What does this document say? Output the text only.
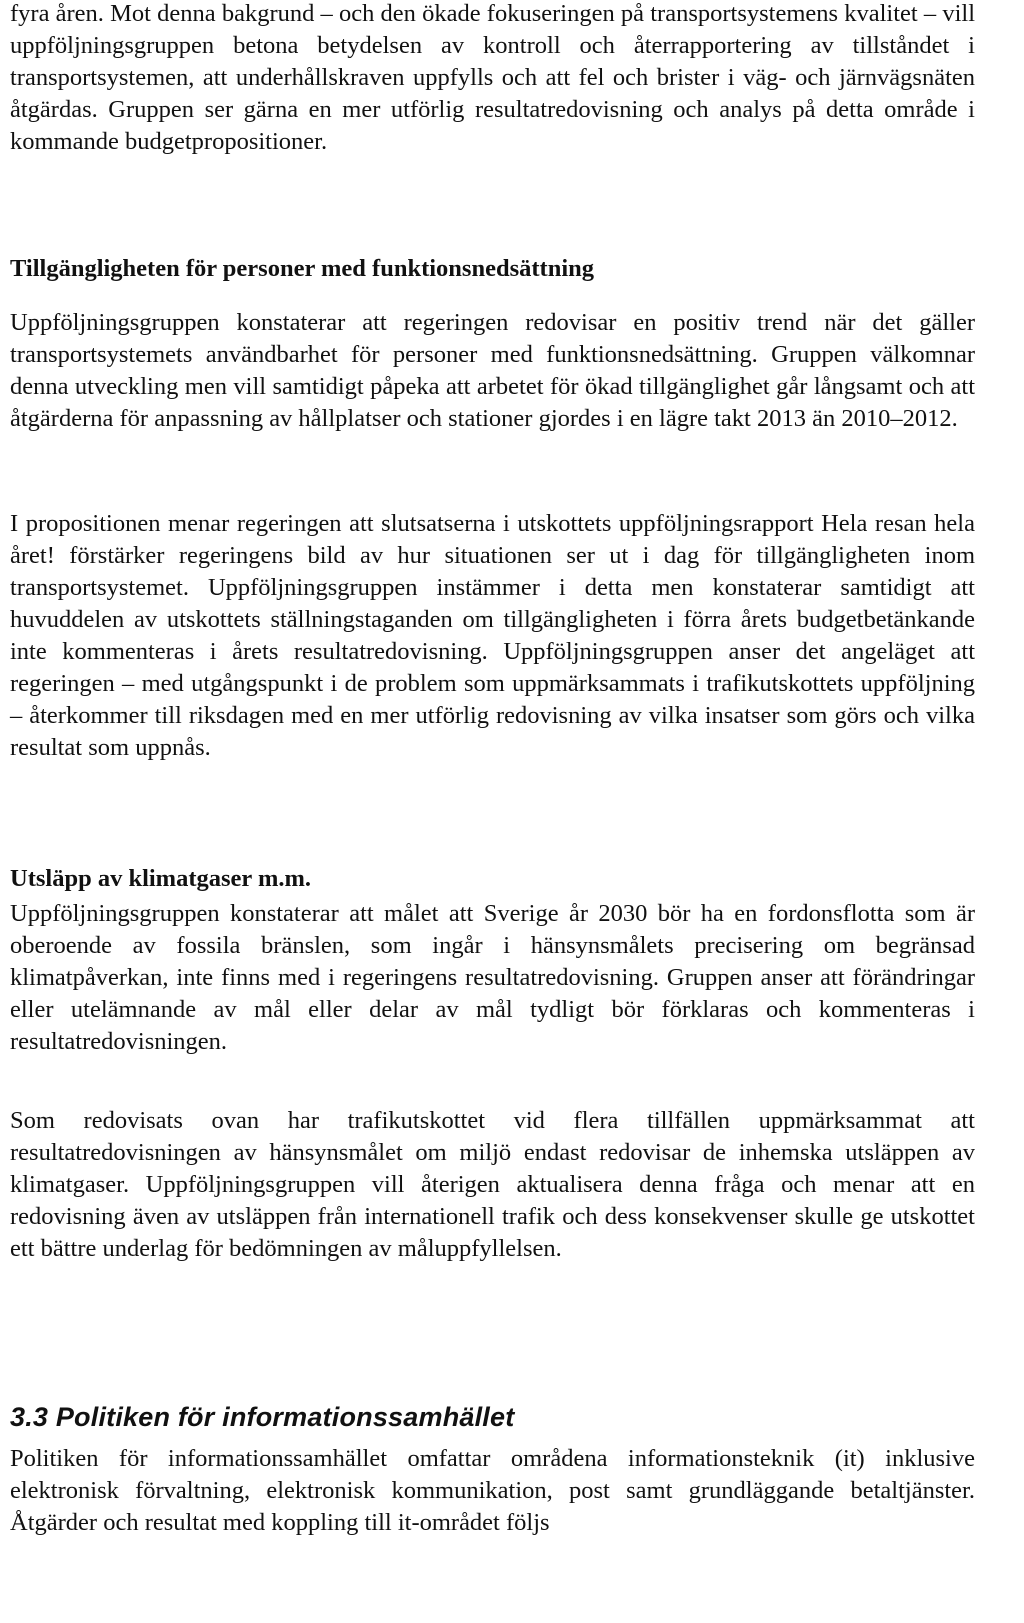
fyra åren. Mot denna bakgrund – och den ökade fokuseringen på transportsystemens kvalitet – vill uppföljningsgruppen betona betydelsen av kontroll och återrapportering av tillståndet i transportsystemen, att underhållskraven uppfylls och att fel och brister i väg- och järnvägsnäten åtgärdas. Gruppen ser gärna en mer utförlig resultatredovisning och analys på detta område i kommande budgetpropositioner.

Tillgängligheten för personer med funktionsnedsättning

Uppföljningsgruppen konstaterar att regeringen redovisar en positiv trend när det gäller transportsystemets användbarhet för personer med funktionsnedsättning. Gruppen välkomnar denna utveckling men vill samtidigt påpeka att arbetet för ökad tillgänglighet går långsamt och att åtgärderna för anpassning av hållplatser och stationer gjordes i en lägre takt 2013 än 2010–2012.

I propositionen menar regeringen att slutsatserna i utskottets uppföljningsrapport Hela resan hela året! förstärker regeringens bild av hur situationen ser ut i dag för tillgängligheten inom transportsystemet. Uppföljningsgruppen instämmer i detta men konstaterar samtidigt att huvuddelen av utskottets ställningstaganden om tillgängligheten i förra årets budgetbetänkande inte kommenteras i årets resultatredovisning. Uppföljningsgruppen anser det angeläget att regeringen – med utgångspunkt i de problem som uppmärksammats i trafikutskottets uppföljning – återkommer till riksdagen med en mer utförlig redovisning av vilka insatser som görs och vilka resultat som uppnås.

Utsläpp av klimatgaser m.m.

Uppföljningsgruppen konstaterar att målet att Sverige år 2030 bör ha en fordonsflotta som är oberoende av fossila bränslen, som ingår i hänsynsmålets precisering om begränsad klimatpåverkan, inte finns med i regeringens resultatredovisning. Gruppen anser att förändringar eller utelämnande av mål eller delar av mål tydligt bör förklaras och kommenteras i resultatredovisningen.

Som redovisats ovan har trafikutskottet vid flera tillfällen uppmärksammat att resultatredovisningen av hänsynsmålet om miljö endast redovisar de inhemska utsläppen av klimatgaser. Uppföljningsgruppen vill återigen aktualisera denna fråga och menar att en redovisning även av utsläppen från internationell trafik och dess konsekvenser skulle ge utskottet ett bättre underlag för bedömningen av måluppfyllelsen.

3.3 Politiken för informationssamhället

Politiken för informationssamhället omfattar områdena informationsteknik (it) inklusive elektronisk förvaltning, elektronisk kommunikation, post samt grundläggande betaltjänster. Åtgärder och resultat med koppling till it-området följs
